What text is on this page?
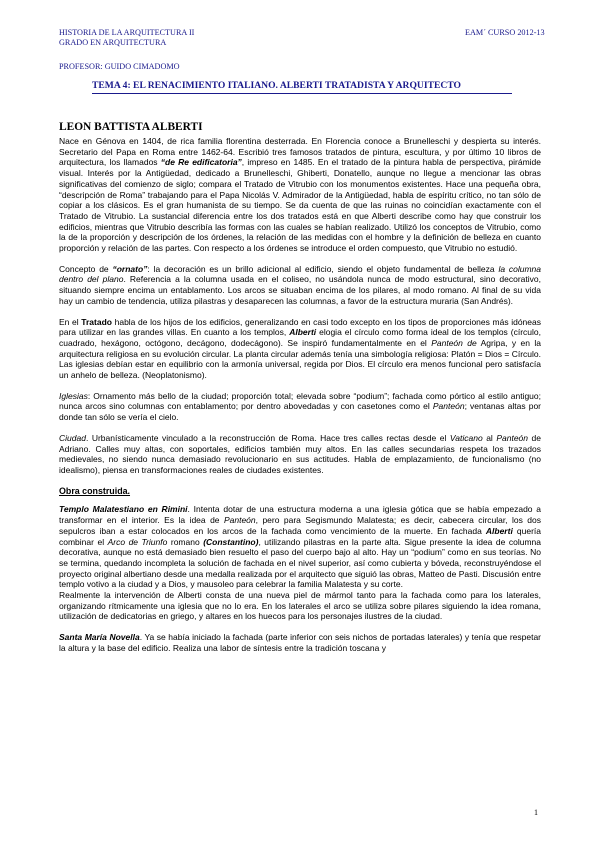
HISTORIA DE LA ARQUITECTURA II
GRADO EN ARQUITECTURA
EAM´ CURSO 2012-13
PROFESOR: GUIDO CIMADOMO
TEMA 4: EL RENACIMIENTO ITALIANO. ALBERTI TRATADISTA Y ARQUITECTO
LEON BATTISTA ALBERTI

Nace en Génova en 1404, de rica familia florentina desterrada. En Florencia conoce a Brunelleschi y despierta su interés. Secretario del Papa en Roma entre 1462-64. Escribió tres famosos tratados de pintura, escultura, y por último 10 libros de arquitectura, los llamados “de Re edificatoria”, impreso en 1485. En el tratado de la pintura habla de perspectiva, pirámide visual. Interés por la Antigüedad, dedicado a Brunelleschi, Ghiberti, Donatello, aunque no llegue a mencionar las obras significativas del comienzo de siglo; compara el Tratado de Vitrubio con los monumentos existentes. Hace una pequeña obra, “descripción de Roma” trabajando para el Papa Nicolás V. Admirador de la Antigüedad, habla de espíritu crítico, no tan sólo de copiar a los clásicos. Es el gran humanista de su tiempo. Se da cuenta de que las ruinas no coincidían exactamente con el Tratado de Vitrubio. La sustancial diferencia entre los dos tratados está en que Alberti describe como hay que construir los edificios, mientras que Vitrubio describía las formas con las cuales se habían realizado. Utilizó los conceptos de Vitrubio, como la de la proporción y descripción de los órdenes, la relación de las medidas con el hombre y la definición de belleza en cuanto proporción y relación de las partes. Con respecto a los órdenes se introduce el orden compuesto, que Vitrubio no estudió.

Concepto de “ornato”: la decoración es un brillo adicional al edificio, siendo el objeto fundamental de belleza la columna dentro del plano. Referencia a la columna usada en el coliseo, no usándola nunca de modo estructural, sino decorativo, situando siempre encima un entablamento. Los arcos se situaban encima de los pilares, al modo romano. Al final de su vida hay un cambio de tendencia, utiliza pilastras y desaparecen las columnas, a favor de la estructura muraria (San Andrés).

En el Tratado habla de los hijos de los edificios, generalizando en casi todo excepto en los tipos de proporciones más idóneas para utilizar en las grandes villas. En cuanto a los templos, Alberti elogia el círculo como forma ideal de los templos (círculo, cuadrado, hexágono, octógono, decágono, dodecágono). Se inspiró fundamentalmente en el Panteón de Agripa, y en la arquitectura religiosa en su evolución circular. La planta circular además tenía una simbología religiosa: Platón = Dios = Círculo. Las iglesias debían estar en equilibrio con la armonía universal, regida por Dios. El círculo era menos funcional pero satisfacía un anhelo de belleza. (Neoplatonismo).

Iglesias: Ornamento más bello de la ciudad; proporción total; elevada sobre “podium”; fachada como pórtico al estilo antiguo; nunca arcos sino columnas con entablamento; por dentro abovedadas y con casetones como el Panteón; ventanas altas por donde tan sólo se vería el cielo.

Ciudad. Urbanísticamente vinculado a la reconstrucción de Roma. Hace tres calles rectas desde el Vaticano al Panteón de Adriano. Calles muy altas, con soportales, edificios también muy altos. En las calles secundarias respeta los trazados medievales, no siendo nunca demasiado revolucionario en sus actitudes. Habla de emplazamiento, de funcionalismo (no idealismo), piensa en transformaciones reales de ciudades existentes.

Obra construida.

Templo Malatestiano en Rimini. Intenta dotar de una estructura moderna a una iglesia gótica que se había empezado a transformar en el interior. Es la idea de Panteón, pero para Segismundo Malatesta; es decir, cabecera circular, los dos sepulcros iban a estar colocados en los arcos de la fachada como vencimiento de la muerte. En fachada Alberti quería combinar el Arco de Triunfo romano (Constantino), utilizando pilastras en la parte alta. Sigue presente la idea de columna decorativa, aunque no está demasiado bien resuelto el paso del cuerpo bajo al alto. Hay un “podium” como en sus teorías. No se termina, quedando incompleta la solución de fachada en el nivel superior, así como cubierta y bóveda, reconstruyéndose el proyecto original albertiano desde una medalla realizada por el arquitecto que siguió las obras, Matteo de Pasti. Discusión entre templo votivo a la ciudad y a Dios, y mausoleo para celebrar la familia Malatesta y su corte.

Realmente la intervención de Alberti consta de una nueva piel de mármol tanto para la fachada como para los laterales, organizando rítmicamente una iglesia que no lo era. En los laterales el arco se utiliza sobre pilares siguiendo la idea romana, utilización de dedicatorias en griego, y altares en los huecos para los personajes ilustres de la ciudad.

Santa María Novella. Ya se había iniciado la fachada (parte inferior con seis nichos de portadas laterales) y tenía que respetar la altura y la base del edificio. Realiza una labor de síntesis entre la tradición toscana y

1
